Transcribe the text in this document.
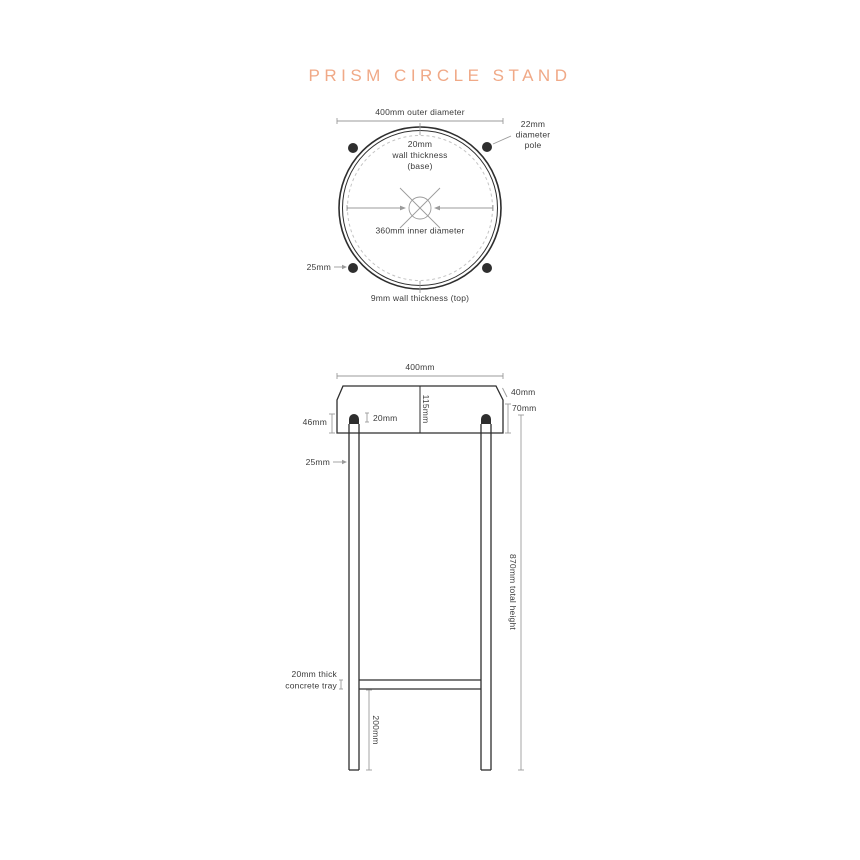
PRISM CIRCLE STAND
400mm outer diameter
20mm
wall thickness
(base)
22mm
diameter
pole
360mm inner diameter
25mm
9mm wall thickness (top)
400mm
115mm
40mm
70mm
46mm	20mm
25mm
20mm thick
concrete tray
200mm
870mm total height
